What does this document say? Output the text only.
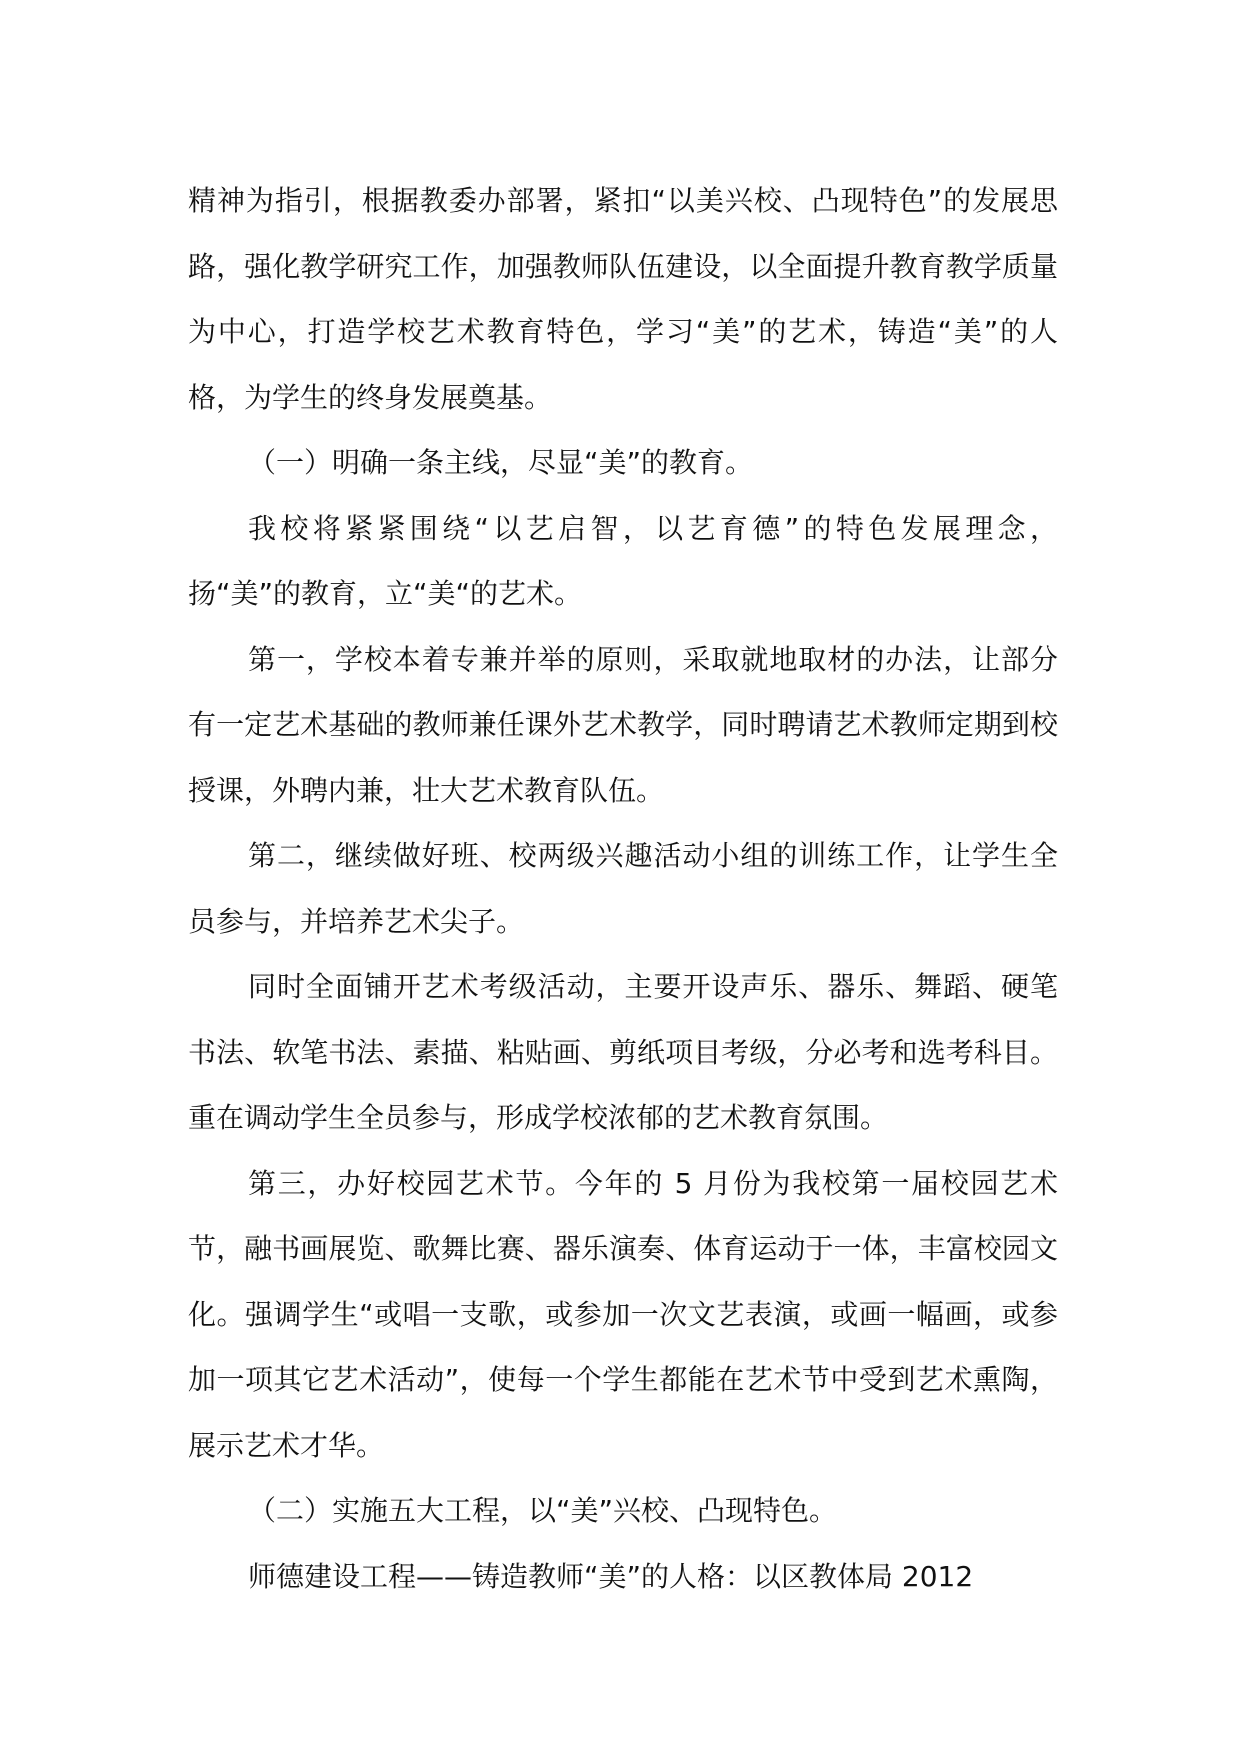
精神为指引，根据教委办部署，紧扣“以美兴校、凸现特色”的发展思路，强化教学研究工作，加强教师队伍建设，以全面提升教育教学质量为中心，打造学校艺术教育特色，学习“美”的艺术，铸造“美”的人格，为学生的终身发展奠基。

（一）明确一条主线，尽显“美”的教育。

我校将紧紧围绕“以艺启智，以艺育德”的特色发展理念，扬“美”的教育，立“美“的艺术。

第一，学校本着专兼并举的原则，采取就地取材的办法，让部分有一定艺术基础的教师兼任课外艺术教学，同时聘请艺术教师定期到校授课，外聘内兼，壮大艺术教育队伍。

第二，继续做好班、校两级兴趣活动小组的训练工作，让学生全员参与，并培养艺术尖子。

同时全面铺开艺术考级活动，主要开设声乐、器乐、舞蹈、硬笔书法、软笔书法、素描、粘贴画、剪纸项目考级，分必考和选考科目。重在调动学生全员参与，形成学校浓郁的艺术教育氛围。

第三，办好校园艺术节。今年的 5 月份为我校第一届校园艺术节，融书画展览、歌舞比赛、器乐演奏、体育运动于一体，丰富校园文化。强调学生“或唱一支歌，或参加一次文艺表演，或画一幅画，或参加一项其它艺术活动”，使每一个学生都能在艺术节中受到艺术熏陶，展示艺术才华。

（二）实施五大工程，以“美”兴校、凸现特色。

师德建设工程——铸造教师“美”的人格：以区教体局 2012
